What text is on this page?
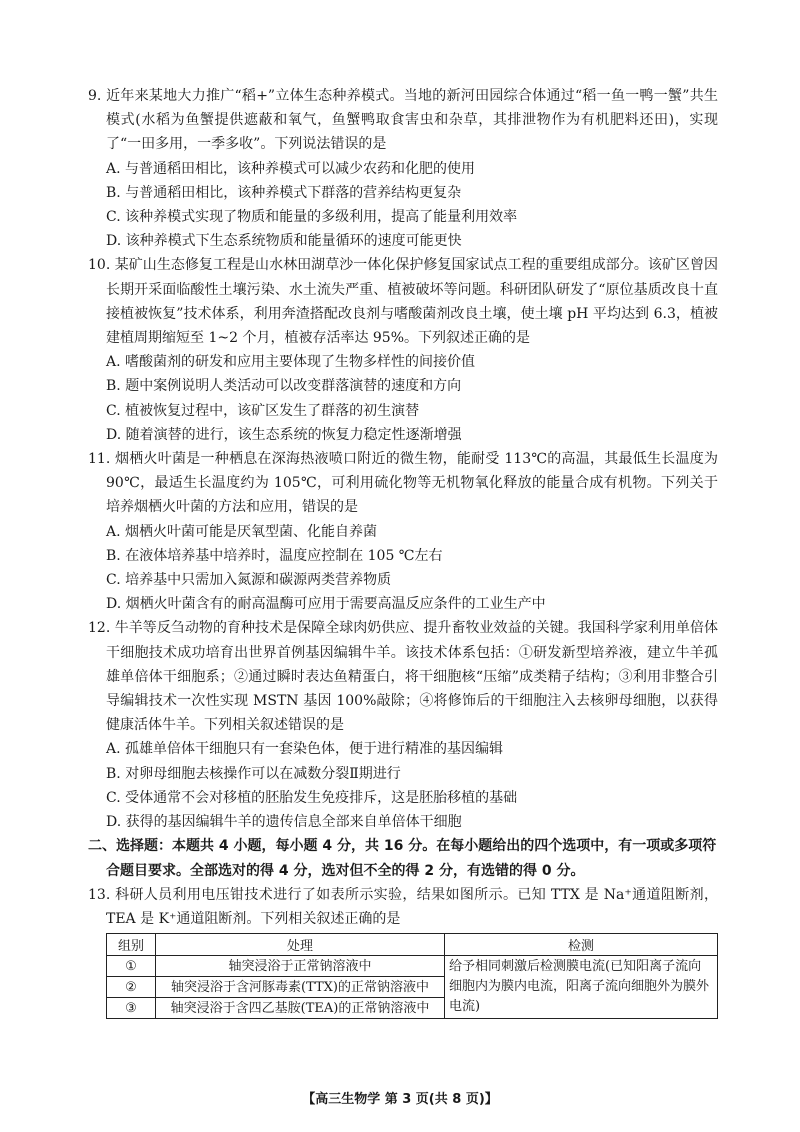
9. 近年来某地大力推广“稻+”立体生态种养模式。当地的新河田园综合体通过“稻一鱼一鸭一蟹”共生模式(水稻为鱼蟹提供遮蔽和氧气，鱼蟹鸭取食害虫和杂草，其排泄物作为有机肥料还田)，实现了“一田多用，一季多收”。下列说法错误的是

A. 与普通稻田相比，该种养模式可以减少农药和化肥的使用

B. 与普通稻田相比，该种养模式下群落的营养结构更复杂

C. 该种养模式实现了物质和能量的多级利用，提高了能量利用效率

D. 该种养模式下生态系统物质和能量循环的速度可能更快

10. 某矿山生态修复工程是山水林田湖草沙一体化保护修复国家试点工程的重要组成部分。该矿区曾因长期开采面临酸性土壤污染、水土流失严重、植被破坏等问题。科研团队研发了“原位基质改良十直接植被恢复”技术体系，利用奔渣搭配改良剂与嗜酸菌剂改良土壤，使土壤 pH 平均达到 6.3，植被建植周期缩短至 1~2 个月，植被存活率达 95%。下列叙述正确的是

A. 嗜酸菌剂的研发和应用主要体现了生物多样性的间接价值

B. 题中案例说明人类活动可以改变群落演替的速度和方向

C. 植被恢复过程中，该矿区发生了群落的初生演替

D. 随着演替的进行，该生态系统的恢复力稳定性逐渐增强

11. 烟栖火叶菌是一种栖息在深海热液喷口附近的微生物，能耐受 113℃的高温，其最低生长温度为 90℃，最适生长温度约为 105℃，可利用硫化物等无机物氧化释放的能量合成有机物。下列关于培养烟栖火叶菌的方法和应用，错误的是

A. 烟栖火叶菌可能是厌氧型菌、化能自养菌

B. 在液体培养基中培养时，温度应控制在 105 ℃左右

C. 培养基中只需加入氮源和碳源两类营养物质

D. 烟栖火叶菌含有的耐高温酶可应用于需要高温反应条件的工业生产中

12. 牛羊等反刍动物的育种技术是保障全球肉奶供应、提升畜牧业效益的关键。我国科学家利用单倍体干细胞技术成功培育出世界首例基因编辑牛羊。该技术体系包括：①研发新型培养液，建立牛羊孤雄单倍体干细胞系；②通过瞬时表达鱼精蛋白，将干细胞核“压缩”成类精子结构；③利用非整合引导编辑技术一次性实现 MSTN 基因 100%敲除；④将修饰后的干细胞注入去核卵母细胞，以获得健康活体牛羊。下列相关叙述错误的是

A. 孤雄单倍体干细胞只有一套染色体，便于进行精准的基因编辑

B. 对卵母细胞去核操作可以在减数分裂Ⅱ期进行

C. 受体通常不会对移植的胚胎发生免疫排斥，这是胚胎移植的基础

D. 获得的基因编辑牛羊的遗传信息全部来自单倍体干细胞

二、选择题：本题共 4 小题，每小题 4 分，共 16 分。在每小题给出的四个选项中，有一项或多项符合题目要求。全部选对的得 4 分，选对但不全的得 2 分，有选错的得 0 分。

13. 科研人员利用电压钳技术进行了如表所示实验，结果如图所示。已知 TTX 是 Na⁺通道阻断剂，TEA 是 K⁺通道阻断剂。下列相关叙述正确的是

组别	处理	检测
①	轴突浸浴于正常钠溶液中	给予相同刺激后检测膜电流(已知阳离子流向细胞内为膜内电流，阳离子流向细胞外为膜外电流)
②	轴突浸浴于含河豚毒素(TTX)的正常钠溶液中	
③	轴突浸浴于含四乙基胺(TEA)的正常钠溶液中	
【高三生物学 第 3 页(共 8 页)】
